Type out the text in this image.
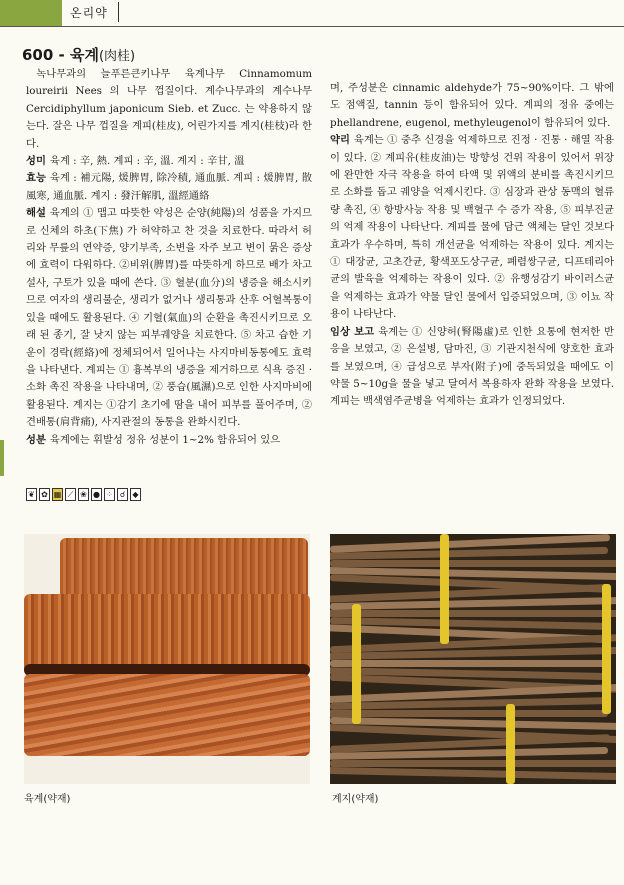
온리약
600 - 육계(肉桂)

녹나무과의 늘푸른큰키나무 육계나무 Cinnamomum loureirii Nees 의 나무 껍질이다. 계수나무과의 계수나무 Cercidiphyllum japonicum Sieb. et Zucc. 는 약용하지 않는다. 잘은 나무 껍질을 계피(桂皮), 어린가지를 계지(桂枝)라 한다.

성미 육계 : 辛, 熱. 계피 : 辛, 溫. 계지 : 辛甘, 溫

효능 육계 : 補元陽, 煖脾胃, 除冷積, 通血脈. 계피 : 煖脾胃, 散風寒, 通血脈. 계지 : 發汗解肌, 溫經通絡

해설 육계의 ① 맵고 따뜻한 약성은 순양(純陽)의 성품을 가지므로 신체의 하초(下焦) 가 허약하고 찬 것을 치료한다. 따라서 허리와 무릎의 연약증, 양기부족, 소변을 자주 보고 변이 묽은 증상에 효력이 다워하다. ②비위(脾胃)를 따뜻하게 하므로 배가 차고 설사, 구토가 있을 때에 쓴다. ③ 혈분(血分)의 냉증을 해소시키므로 여자의 생리불순, 생리가 없거나 생리통과 산후 어혈복통이 있을 때에도 활용된다. ④ 기혈(氣血)의 순환을 촉진시키므로 오래 된 종기, 잘 낫지 않는 피부궤양을 치료한다. ⑤ 차고 습한 기운이 경락(經絡)에 정체되어서 일어나는 사지마비동통에도 효력을 나타낸다. 계피는 ① 흉복부의 냉증을 제거하므로 식욕 증진 · 소화 촉진 작용을 나타내며, ② 풍습(風濕)으로 인한 사지마비에 활용된다. 계지는 ①감기 초기에 땀을 내어 피부를 풀어주며, ② 견배통(肩背痛), 사지관절의 동통을 완화시킨다.

성분 육계에는 휘발성 정유 성분이 1~2% 함유되어 있으

며, 주성분은 cinnamic aldehyde가 75~90%이다. 그 밖에도 점액질, tannin 등이 함유되어 있다. 계피의 정유 중에는 phellandrene, eugenol, methyleugenol이 함유되어 있다.

약리 육계는 ① 중추 신경을 억제하므로 진정 · 진통 · 해열 작용이 있다. ② 계피유(桂皮油)는 방향성 건위 작용이 있어서 위장에 완만한 자극 작용을 하여 타액 및 위액의 분비를 촉진시키므로 소화를 돕고 궤양을 억제시킨다. ③ 심장과 관상 동맥의 혈류량 촉진, ④ 항방사능 작용 및 백혈구 수 증가 작용, ⑤ 피부진균의 억제 작용이 나타난다. 계피를 물에 담근 액체는 달인 것보다 효과가 우수하며, 특히 개선균을 억제하는 작용이 있다. 계지는 ① 대장균, 고초간균, 황색포도상구균, 폐렴쌍구균, 디프테리아균의 발육을 억제하는 작용이 있다. ② 유행성감기 바이러스균을 억제하는 효과가 약물 달인 물에서 입증되었으며, ③ 이뇨 작용이 나타난다.

임상 보고 육계는 ① 신양허(腎陽虛)로 인한 요통에 현저한 반응을 보였고, ② 은설병, 담마진, ③ 기관지천식에 양호한 효과를 보였으며, ④ 급성으로 부자(附子)에 중독되었을 때에도 이 약물 5~10g을 물을 넣고 달여서 복용하자 완화 작용을 보였다. 계피는 백색염주균병을 억제하는 효과가 인정되었다.

❦ ✿ ▦ ⟋ ❀ ● ⁘ ☌ ◆
육계(약재)	계지(약재)
